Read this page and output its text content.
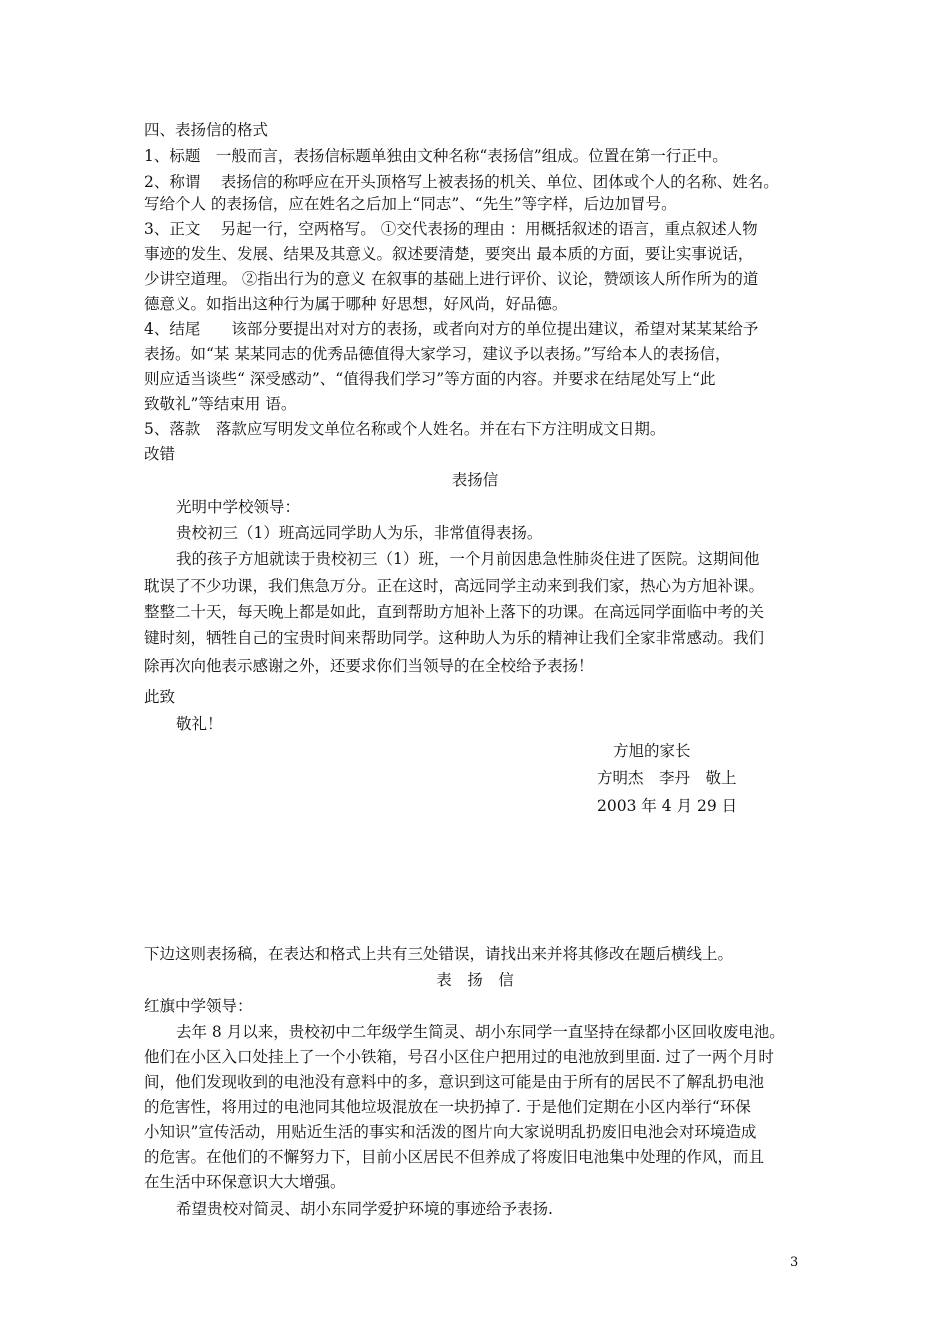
四、表扬信的格式
1、标题　一般而言，表扬信标题单独由文种名称“表扬信”组成。位置在第一行正中。
2、称谓　 表扬信的称呼应在开头顶格写上被表扬的机关、单位、团体或个人的名称、姓名。
写给个人 的表扬信，应在姓名之后加上“同志”、“先生”等字样，后边加冒号。
3、正文　 另起一行，空两格写。 ①交代表扬的理由 ：用概括叙述的语言，重点叙述人物
事迹的发生、发展、结果及其意义。叙述要清楚，要突出 最本质的方面，要让实事说话，
少讲空道理。 ②指出行为的意义 在叙事的基础上进行评价、议论，赞颂该人所作所为的道
德意义。如指出这种行为属于哪种 好思想，好风尚，好品德。
4、结尾　　该部分要提出对对方的表扬，或者向对方的单位提出建议，希望对某某某给予
表扬。如“某 某某同志的优秀品德值得大家学习，建议予以表扬。”写给本人的表扬信，
则应适当谈些“ 深受感动”、“值得我们学习”等方面的内容。并要求在结尾处写上“此
致敬礼”等结束用 语。
5、落款　落款应写明发文单位名称或个人姓名。并在右下方注明成文日期。
改错
表扬信
光明中学校领导：
贵校初三（1）班高远同学助人为乐，非常值得表扬。
我的孩子方旭就读于贵校初三（1）班，一个月前因患急性肺炎住进了医院。这期间他
耽误了不少功课，我们焦急万分。正在这时，高远同学主动来到我们家，热心为方旭补课。
整整二十天，每天晚上都是如此，直到帮助方旭补上落下的功课。在高远同学面临中考的关
键时刻，牺牲自己的宝贵时间来帮助同学。这种助人为乐的精神让我们全家非常感动。我们
除再次向他表示感谢之外，还要求你们当领导的在全校给予表扬！
此致
敬礼！
方旭的家长
方明杰　李丹　敬上
2003 年 4 月 29 日
下边这则表扬稿，在表达和格式上共有三处错误，请找出来并将其修改在题后横线上。
表　扬　信
红旗中学领导：
去年 8 月以来，贵校初中二年级学生简灵、胡小东同学一直坚持在绿都小区回收废电池。
他们在小区入口处挂上了一个小铁箱，号召小区住户把用过的电池放到里面. 过了一两个月时
间，他们发现收到的电池没有意料中的多，意识到这可能是由于所有的居民不了解乱扔电池
的危害性，将用过的电池同其他垃圾混放在一块扔掉了. 于是他们定期在小区内举行“环保
小知识”宣传活动，用贴近生活的事实和活泼的图片向大家说明乱扔废旧电池会对环境造成
的危害。在他们的不懈努力下，目前小区居民不但养成了将废旧电池集中处理的作风，而且
在生活中环保意识大大增强。
希望贵校对简灵、胡小东同学爱护环境的事迹给予表扬.
3
